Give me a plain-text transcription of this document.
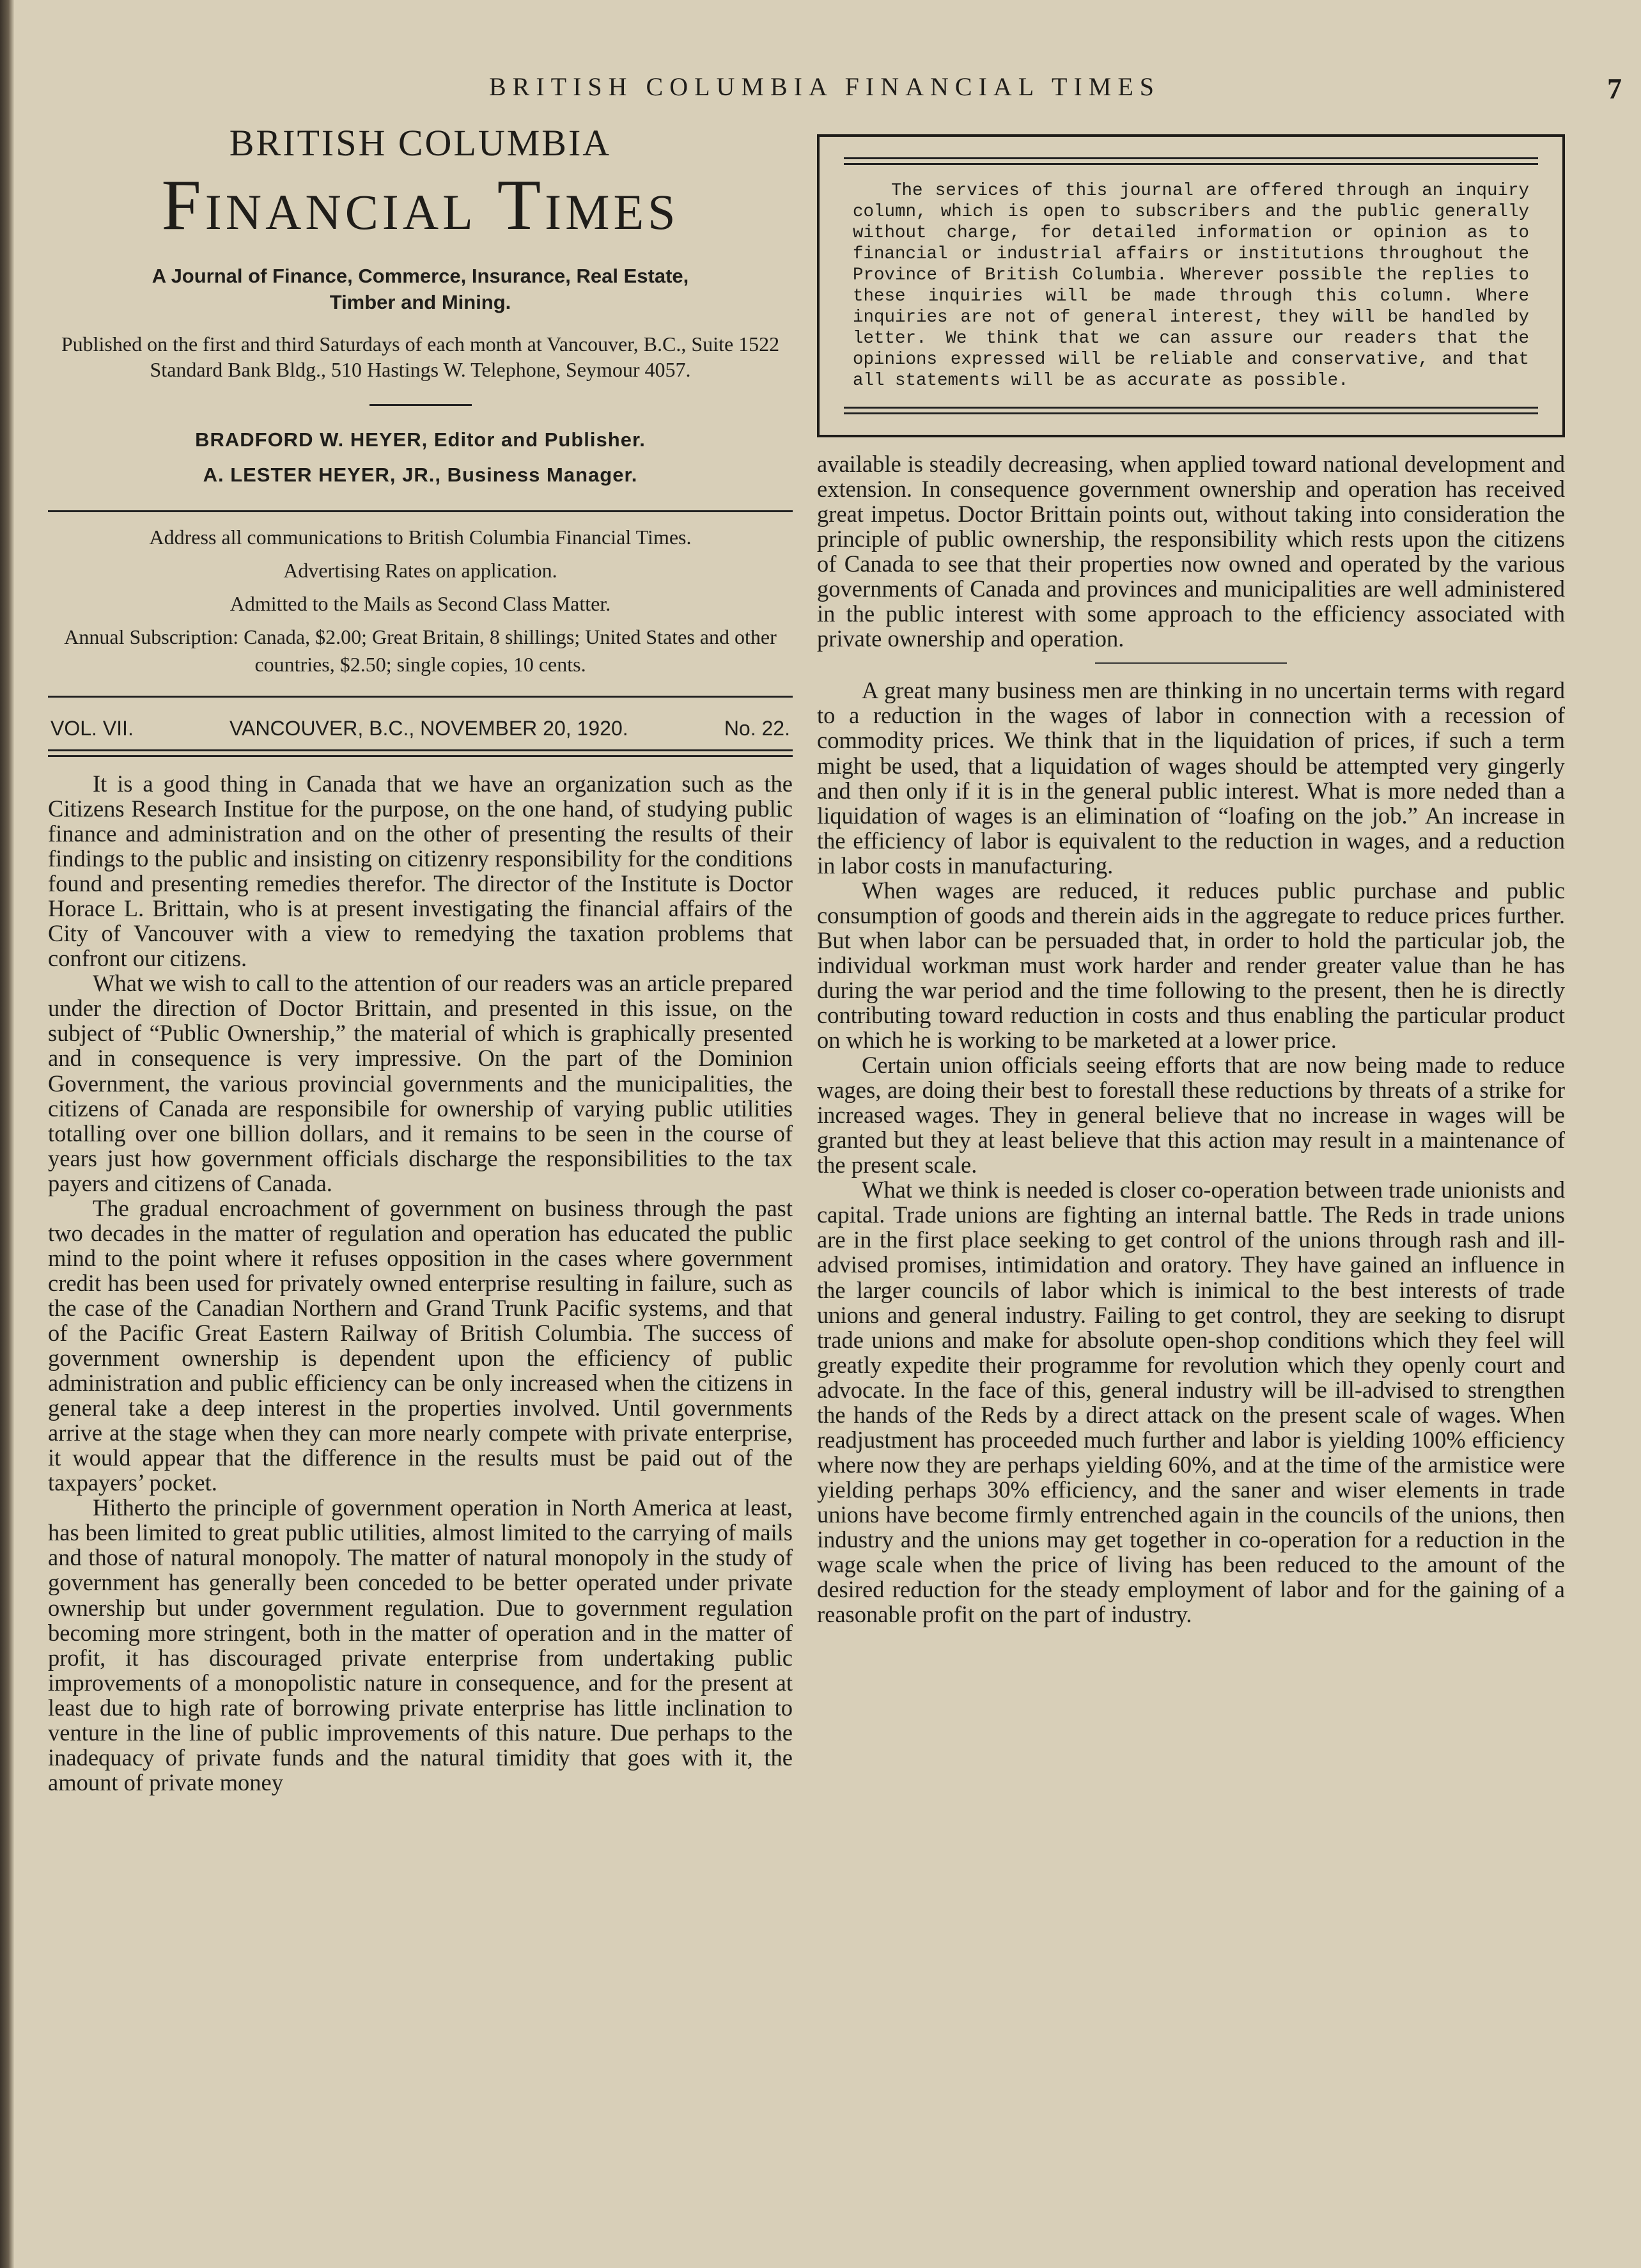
BRITISH COLUMBIA FINANCIAL TIMES	7
BRITISH COLUMBIA
Financial Times
A Journal of Finance, Commerce, Insurance, Real Estate, Timber and Mining.
Published on the first and third Saturdays of each month at Vancouver, B.C., Suite 1522 Standard Bank Bldg., 510 Hastings W. Telephone, Seymour 4057.
BRADFORD W. HEYER, Editor and Publisher.
A. LESTER HEYER, JR., Business Manager.

Address all communications to British Columbia Financial Times.

Advertising Rates on application.

Admitted to the Mails as Second Class Matter.

Annual Subscription: Canada, $2.00; Great Britain, 8 shillings; United States and other countries, $2.50; single copies, 10 cents.

VOL. VII.	VANCOUVER, B.C., NOVEMBER 20, 1920.	No. 22.

It is a good thing in Canada that we have an organization such as the Citizens Research Institue for the purpose, on the one hand, of studying public finance and administration and on the other of presenting the results of their findings to the public and insisting on citizenry responsibility for the conditions found and presenting remedies therefor. The director of the Institute is Doctor Horace L. Brittain, who is at present investigating the financial affairs of the City of Vancouver with a view to remedying the taxation problems that confront our citizens.

What we wish to call to the attention of our readers was an article prepared under the direction of Doctor Brittain, and presented in this issue, on the subject of “Public Ownership,” the material of which is graphically presented and in consequence is very impressive. On the part of the Dominion Government, the various provincial governments and the municipalities, the citizens of Canada are responsibile for ownership of varying public utilities totalling over one billion dollars, and it remains to be seen in the course of years just how government officials discharge the responsibilities to the tax payers and citizens of Canada.

The gradual encroachment of government on business through the past two decades in the matter of regulation and operation has educated the public mind to the point where it refuses opposition in the cases where government credit has been used for privately owned enterprise resulting in failure, such as the case of the Canadian Northern and Grand Trunk Pacific systems, and that of the Pacific Great Eastern Railway of British Columbia. The success of government ownership is dependent upon the efficiency of public administration and public efficiency can be only increased when the citizens in general take a deep interest in the properties involved. Until governments arrive at the stage when they can more nearly compete with private enterprise, it would appear that the difference in the results must be paid out of the taxpayers’ pocket.

Hitherto the principle of government operation in North America at least, has been limited to great public utilities, almost limited to the carrying of mails and those of natural monopoly. The matter of natural monopoly in the study of government has generally been conceded to be better operated under private ownership but under government regulation. Due to government regulation becoming more stringent, both in the matter of operation and in the matter of profit, it has discouraged private enterprise from undertaking public improvements of a monopolistic nature in consequence, and for the present at least due to high rate of borrowing private enterprise has little inclination to venture in the line of public improvements of this nature. Due perhaps to the inadequacy of private funds and the natural timidity that goes with it, the amount of private money

The services of this journal are offered through an inquiry column, which is open to subscribers and the public generally without charge, for detailed information or opinion as to financial or industrial affairs or institutions throughout the Province of British Columbia. Wherever possible the replies to these inquiries will be made through this column. Where inquiries are not of general interest, they will be handled by letter. We think that we can assure our readers that the opinions expressed will be reliable and conservative, and that all statements will be as accurate as possible.

available is steadily decreasing, when applied toward national development and extension. In consequence government ownership and operation has received great impetus. Doctor Brittain points out, without taking into consideration the principle of public ownership, the responsibility which rests upon the citizens of Canada to see that their properties now owned and operated by the various governments of Canada and provinces and municipalities are well administered in the public interest with some approach to the efficiency associated with private ownership and operation.

A great many business men are thinking in no uncertain terms with regard to a reduction in the wages of labor in connection with a recession of commodity prices. We think that in the liquidation of prices, if such a term might be used, that a liquidation of wages should be attempted very gingerly and then only if it is in the general public interest. What is more neded than a liquidation of wages is an elimination of “loafing on the job.” An increase in the efficiency of labor is equivalent to the reduction in wages, and a reduction in labor costs in manufacturing.

When wages are reduced, it reduces public purchase and public consumption of goods and therein aids in the aggregate to reduce prices further. But when labor can be persuaded that, in order to hold the particular job, the individual workman must work harder and render greater value than he has during the war period and the time following to the present, then he is directly contributing toward reduction in costs and thus enabling the particular product on which he is working to be marketed at a lower price.

Certain union officials seeing efforts that are now being made to reduce wages, are doing their best to forestall these reductions by threats of a strike for increased wages. They in general believe that no increase in wages will be granted but they at least believe that this action may result in a maintenance of the present scale.

What we think is needed is closer co-operation between trade unionists and capital. Trade unions are fighting an internal battle. The Reds in trade unions are in the first place seeking to get control of the unions through rash and ill-advised promises, intimidation and oratory. They have gained an influence in the larger councils of labor which is inimical to the best interests of trade unions and general industry. Failing to get control, they are seeking to disrupt trade unions and make for absolute open-shop conditions which they feel will greatly expedite their programme for revolution which they openly court and advocate. In the face of this, general industry will be ill-advised to strengthen the hands of the Reds by a direct attack on the present scale of wages. When readjustment has proceeded much further and labor is yielding 100% efficiency where now they are perhaps yielding 60%, and at the time of the armistice were yielding perhaps 30% efficiency, and the saner and wiser elements in trade unions have become firmly entrenched again in the councils of the unions, then industry and the unions may get together in co-operation for a reduction in the wage scale when the price of living has been reduced to the amount of the desired reduction for the steady employment of labor and for the gaining of a reasonable profit on the part of industry.
